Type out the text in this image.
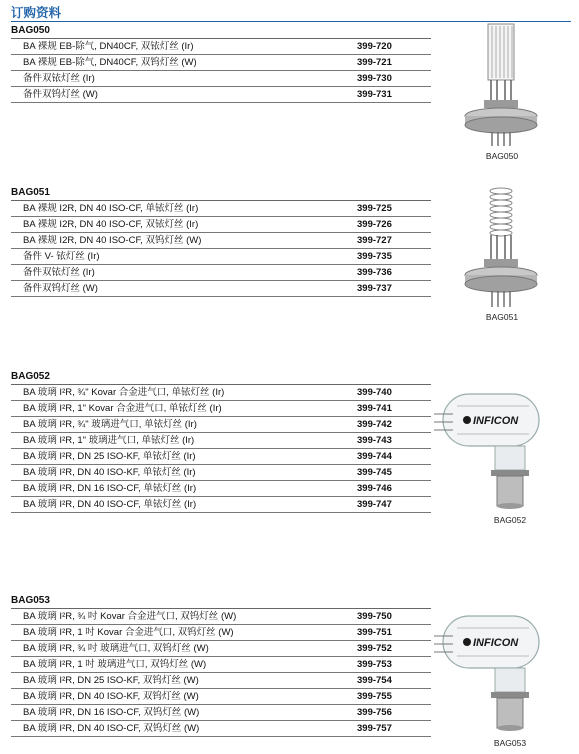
订购资料
BAG050
BA 裸规 EB-除气, DN40CF, 双铱灯丝 (Ir)	399-720
BA 裸规 EB-除气, DN40CF, 双钨灯丝 (W)	399-721
备件双铱灯丝 (Ir)	399-730
备件双钨灯丝 (W)	399-731
BAG051
BA 裸规 I2R, DN 40 ISO-CF, 单铱灯丝 (Ir)	399-725
BA 裸规 I2R, DN 40 ISO-CF, 双铱灯丝 (Ir)	399-726
BA 裸规 I2R, DN 40 ISO-CF, 双钨灯丝 (W)	399-727
备件 V- 铱灯丝 (Ir)	399-735
备件双铱灯丝 (Ir)	399-736
备件双钨灯丝 (W)	399-737
BAG052
BA 玻璃 I²R, ¾" Kovar 合金进气口, 单铱灯丝 (Ir)	399-740
BA 玻璃 I²R, 1" Kovar 合金进气口, 单铱灯丝 (Ir)	399-741
BA 玻璃 I²R, ¾" 玻璃进气口, 单铱灯丝 (Ir)	399-742
BA 玻璃 I²R, 1" 玻璃进气口, 单铱灯丝 (Ir)	399-743
BA 玻璃 I²R, DN 25 ISO-KF, 单铱灯丝 (Ir)	399-744
BA 玻璃 I²R, DN 40 ISO-KF, 单铱灯丝 (Ir)	399-745
BA 玻璃 I²R, DN 16 ISO-CF, 单铱灯丝 (Ir)	399-746
BA 玻璃 I²R, DN 40 ISO-CF, 单铱灯丝 (Ir)	399-747
BAG053
BA 玻璃 I²R, ¾ 吋 Kovar 合金进气口, 双钨灯丝 (W)	399-750
BA 玻璃 I²R, 1 吋 Kovar 合金进气口, 双钨灯丝 (W)	399-751
BA 玻璃 I²R, ¾ 吋 玻璃进气口, 双钨灯丝 (W)	399-752
BA 玻璃 I²R, 1 吋 玻璃进气口, 双钨灯丝 (W)	399-753
BA 玻璃 I²R, DN 25 ISO-KF, 双钨灯丝 (W)	399-754
BA 玻璃 I²R, DN 40 ISO-KF, 双钨灯丝 (W)	399-755
BA 玻璃 I²R, DN 16 ISO-CF, 双钨灯丝 (W)	399-756
BA 玻璃 I²R, DN 40 ISO-CF, 双钨灯丝 (W)	399-757
BAG050
BAG051
INFICON
BAG052
INFICON
BAG053
